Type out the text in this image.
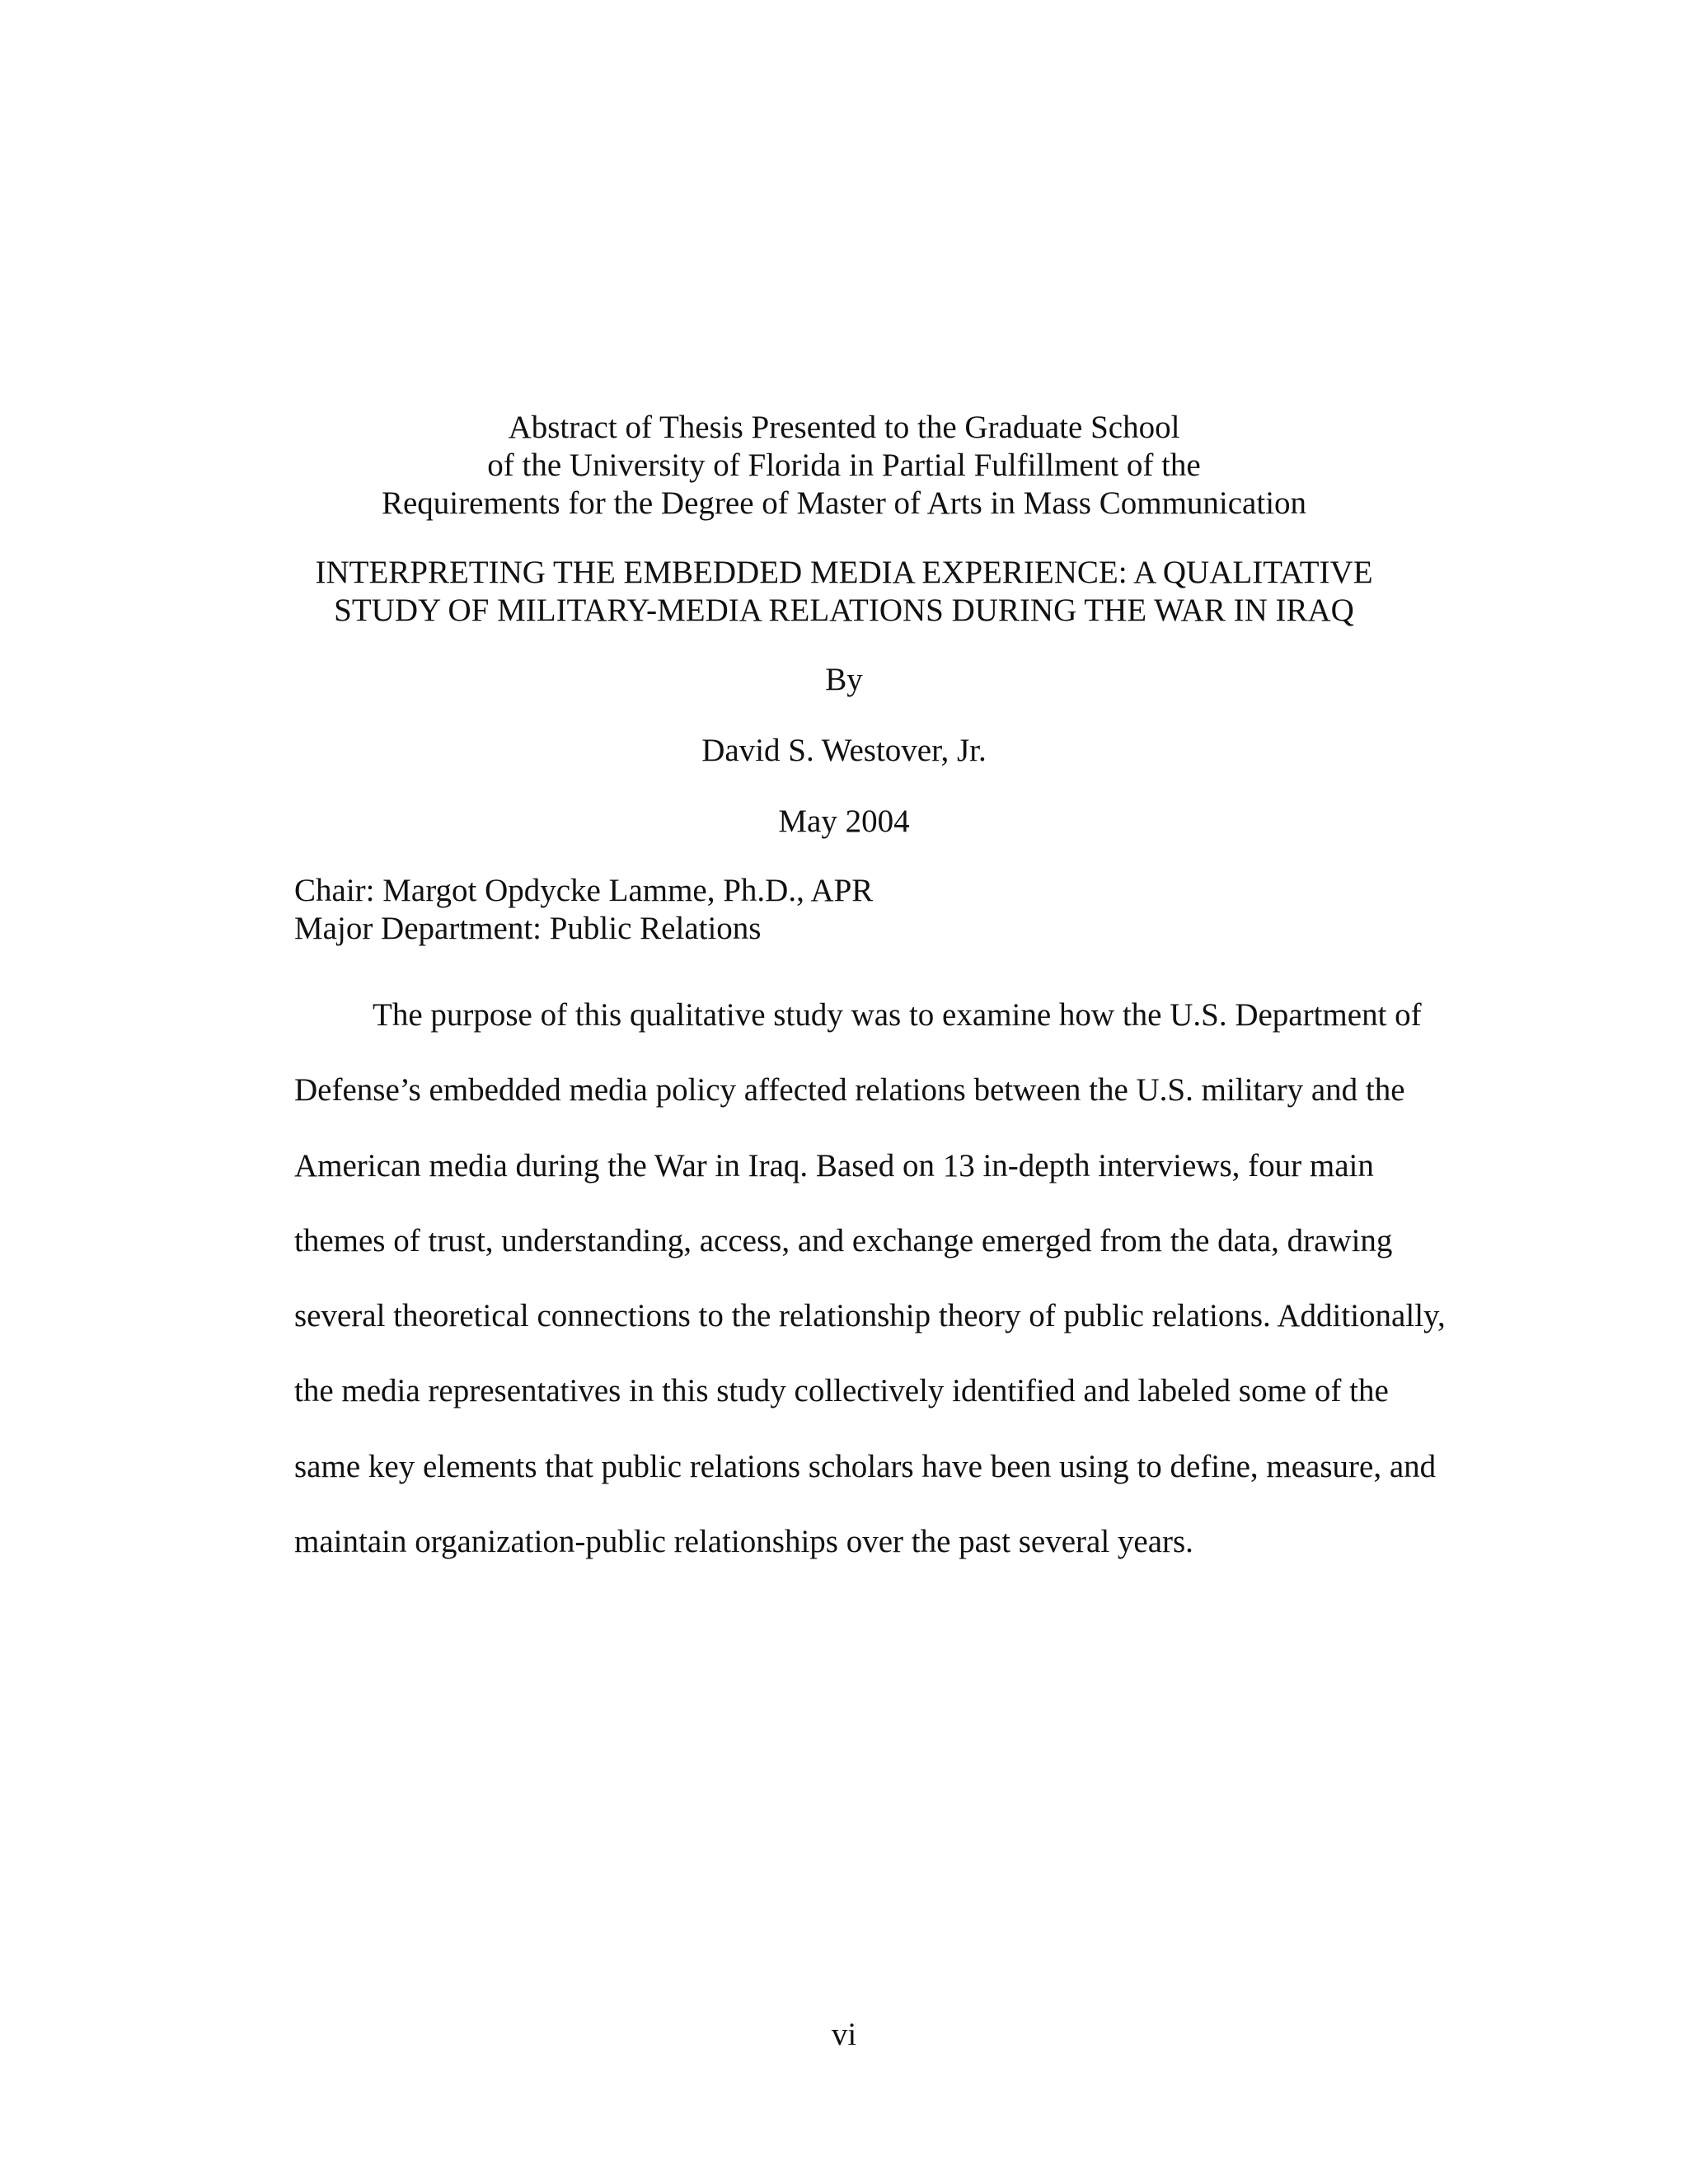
Abstract of Thesis Presented to the Graduate School
of the University of Florida in Partial Fulfillment of the
Requirements for the Degree of Master of Arts in Mass Communication
INTERPRETING THE EMBEDDED MEDIA EXPERIENCE: A QUALITATIVE
STUDY OF MILITARY-MEDIA RELATIONS DURING THE WAR IN IRAQ
By
David S. Westover, Jr.
May 2004
Chair: Margot Opdycke Lamme, Ph.D., APR
Major Department: Public Relations
The purpose of this qualitative study was to examine how the U.S. Department of
Defense’s embedded media policy affected relations between the U.S. military and the
American media during the War in Iraq. Based on 13 in-depth interviews, four main
themes of trust, understanding, access, and exchange emerged from the data, drawing
several theoretical connections to the relationship theory of public relations. Additionally,
the media representatives in this study collectively identified and labeled some of the
same key elements that public relations scholars have been using to define, measure, and
maintain organization-public relationships over the past several years.
vi
